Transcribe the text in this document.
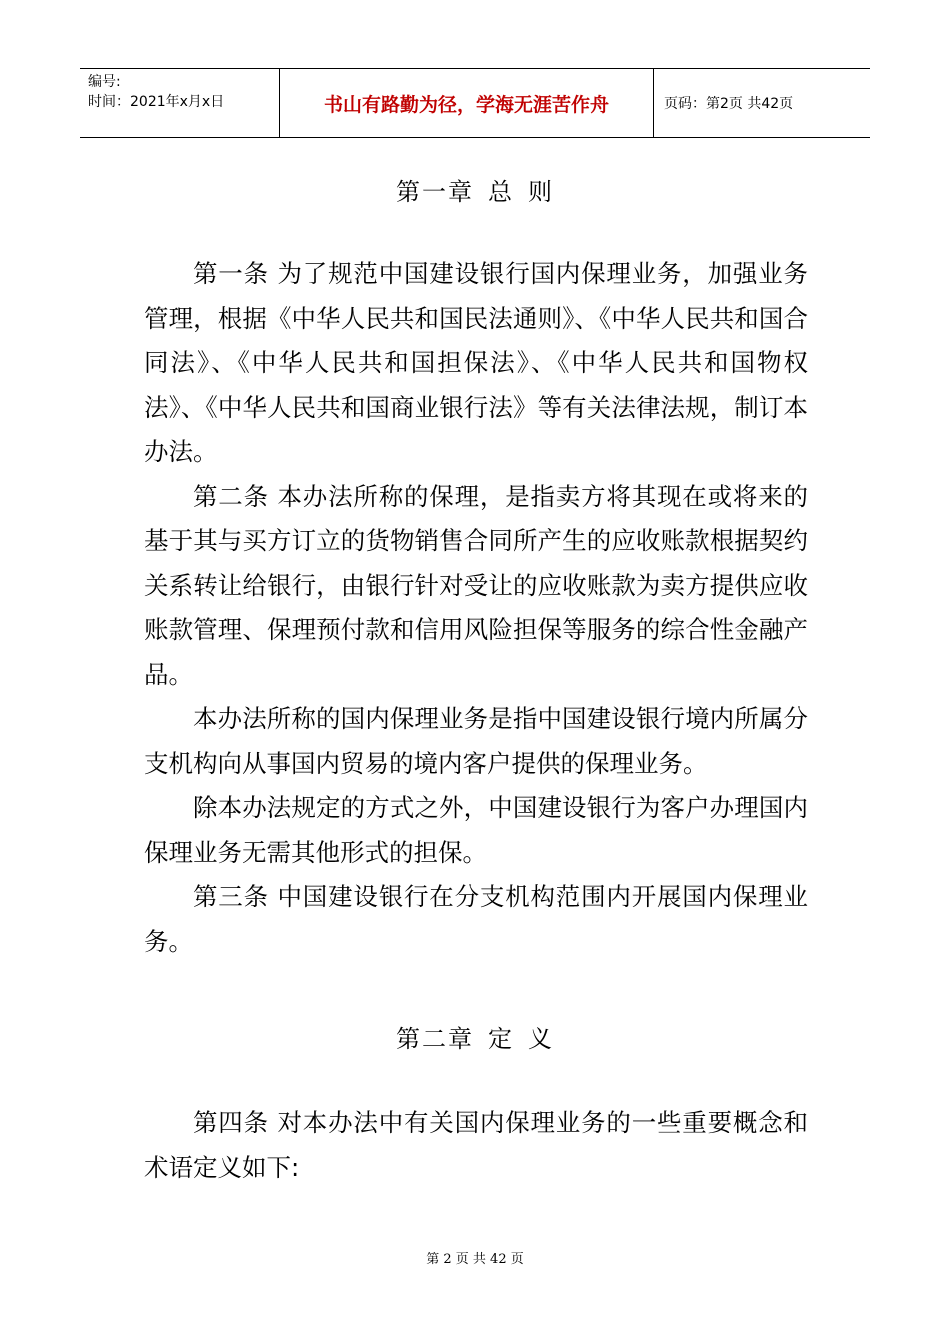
编号:
时间：2021年x月x日	书山有路勤为径，学海无涯苦作舟	页码：第2页 共42页
第一章 总 则

第一条 为了规范中国建设银行国内保理业务，加强业务管理，根据《中华人民共和国民法通则》、《中华人民共和国合同法》、《中华人民共和国担保法》、《中华人民共和国物权法》、《中华人民共和国商业银行法》等有关法律法规，制订本办法。

第二条 本办法所称的保理，是指卖方将其现在或将来的基于其与买方订立的货物销售合同所产生的应收账款根据契约关系转让给银行，由银行针对受让的应收账款为卖方提供应收账款管理、保理预付款和信用风险担保等服务的综合性金融产品。

本办法所称的国内保理业务是指中国建设银行境内所属分支机构向从事国内贸易的境内客户提供的保理业务。

除本办法规定的方式之外，中国建设银行为客户办理国内保理业务无需其他形式的担保。

第三条 中国建设银行在分支机构范围内开展国内保理业务。

第二章 定 义

第四条 对本办法中有关国内保理业务的一些重要概念和术语定义如下:

第 2 页 共 42 页
